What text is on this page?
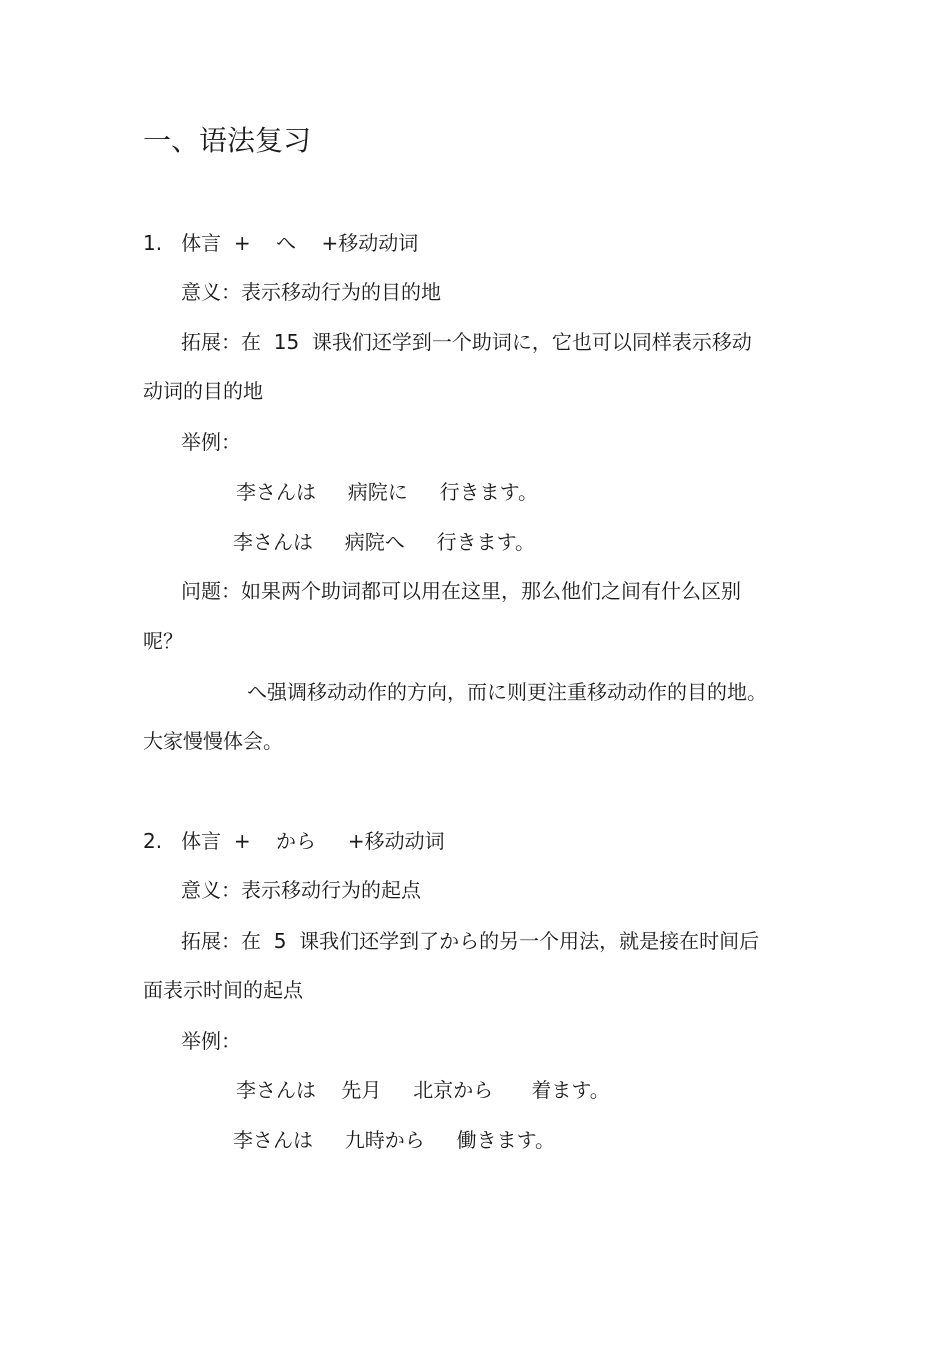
一、语法复习
1.   体言  +    へ    +移动动词
意义：表示移动行为的目的地
拓展：在  15  课我们还学到一个助词に，它也可以同样表示移动
动词的目的地
举例：
李さんは     病院に     行きます。
李さんは     病院へ     行きます。
问题：如果两个助词都可以用在这里，那么他们之间有什么区别
呢？
へ强调移动动作的方向，而に则更注重移动动作的目的地。
大家慢慢体会。
2.   体言  +    から     +移动动词
意义：表示移动行为的起点
拓展：在  5  课我们还学到了から的另一个用法，就是接在时间后
面表示时间的起点
举例：
李さんは    先月     北京から      着ます。
李さんは     九時から     働きます。
